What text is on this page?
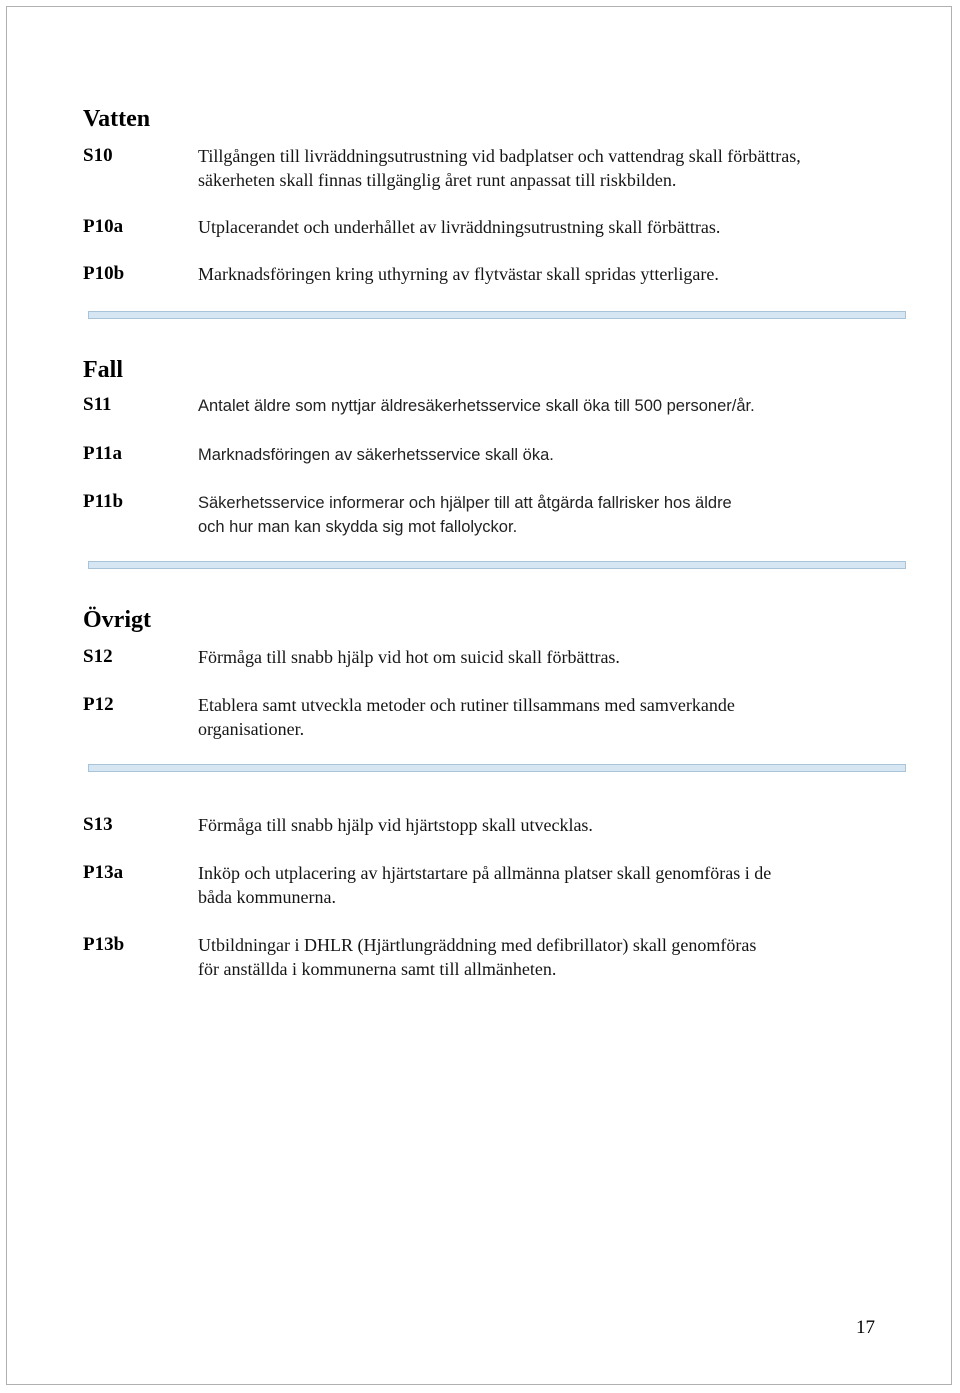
Vatten
S10	Tillgången till livräddningsutrustning vid badplatser och vattendrag skall förbättras,
säkerheten skall finnas tillgänglig året runt anpassat till riskbilden.
P10a	Utplacerandet och underhållet av livräddningsutrustning skall förbättras.
P10b	Marknadsföringen kring uthyrning av flytvästar skall spridas ytterligare.
Fall
S11	Antalet äldre som nyttjar äldresäkerhetsservice skall öka till 500 personer/år.
P11a	Marknadsföringen av säkerhetsservice skall öka.
P11b	Säkerhetsservice informerar och hjälper till att åtgärda fallrisker hos äldre
och hur man kan skydda sig mot fallolyckor.
Övrigt
S12	Förmåga till snabb hjälp vid hot om suicid skall förbättras.
P12	Etablera samt utveckla metoder och rutiner tillsammans med samverkande
organisationer.
S13	Förmåga till snabb hjälp vid hjärtstopp skall utvecklas.
P13a	Inköp och utplacering av hjärtstartare på allmänna platser skall genomföras i de
båda kommunerna.
P13b	Utbildningar i DHLR (Hjärtlungräddning med defibrillator) skall genomföras
för anställda i kommunerna samt till allmänheten.
17
